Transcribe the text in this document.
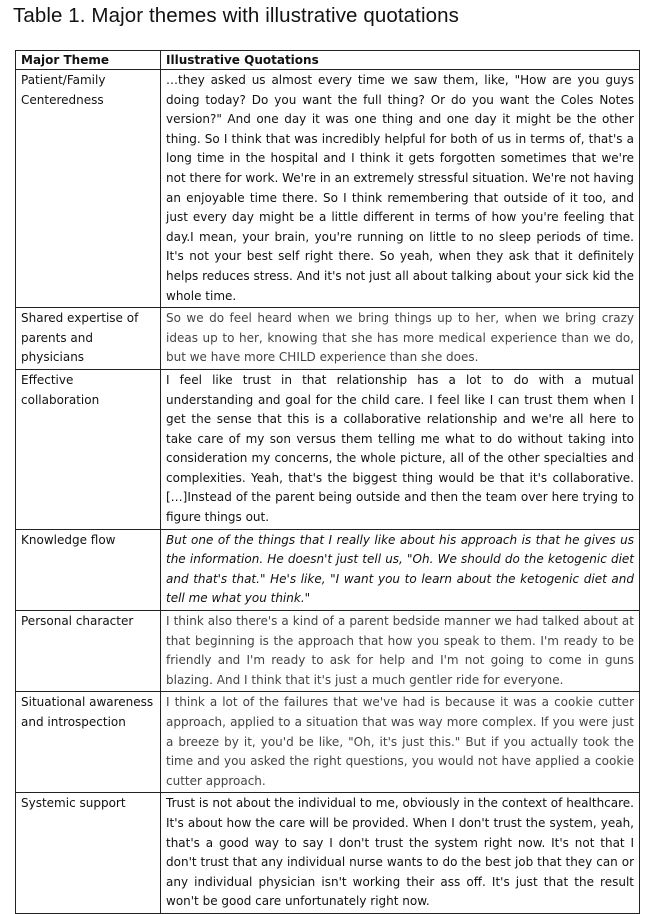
Table 1. Major themes with illustrative quotations
Major Theme	Illustrative Quotations
Patient/Family Centeredness	…they asked us almost every time we saw them, like, "How are you guys doing today? Do you want the full thing? Or do you want the Coles Notes version?" And one day it was one thing and one day it might be the other thing. So I think that was incredibly helpful for both of us in terms of, that's a long time in the hospital and I think it gets forgotten sometimes that we're not there for work. We're in an extremely stressful situation. We're not having an enjoyable time there. So I think remembering that outside of it too, and just every day might be a little different in terms of how you're feeling that day.I mean, your brain, you're running on little to no sleep periods of time. It's not your best self right there. So yeah, when they ask that it definitely helps reduces stress. And it's not just all about talking about your sick kid the whole time.
Shared expertise of parents and physicians	So we do feel heard when we bring things up to her, when we bring crazy ideas up to her, knowing that she has more medical experience than we do, but we have more CHILD experience than she does.
Effective collaboration	I feel like trust in that relationship has a lot to do with a mutual understanding and goal for the child care. I feel like I can trust them when I get the sense that this is a collaborative relationship and we're all here to take care of my son versus them telling me what to do without taking into consideration my concerns, the whole picture, all of the other specialties and complexities. Yeah, that's the biggest thing would be that it's collaborative. […]Instead of the parent being outside and then the team over here trying to figure things out.
Knowledge flow	But one of the things that I really like about his approach is that he gives us the information. He doesn't just tell us, "Oh. We should do the ketogenic diet and that's that." He's like, "I want you to learn about the ketogenic diet and tell me what you think."
Personal character	I think also there's a kind of a parent bedside manner we had talked about at that beginning is the approach that how you speak to them. I'm ready to be friendly and I'm ready to ask for help and I'm not going to come in guns blazing. And I think that it's just a much gentler ride for everyone.
Situational awareness and introspection	I think a lot of the failures that we've had is because it was a cookie cutter approach, applied to a situation that was way more complex. If you were just a breeze by it, you'd be like, "Oh, it's just this." But if you actually took the time and you asked the right questions, you would not have applied a cookie cutter approach.
Systemic support	Trust is not about the individual to me, obviously in the context of healthcare. It's about how the care will be provided. When I don't trust the system, yeah, that's a good way to say I don't trust the system right now. It's not that I don't trust that any individual nurse wants to do the best job that they can or any individual physician isn't working their ass off. It's just that the result won't be good care unfortunately right now.
